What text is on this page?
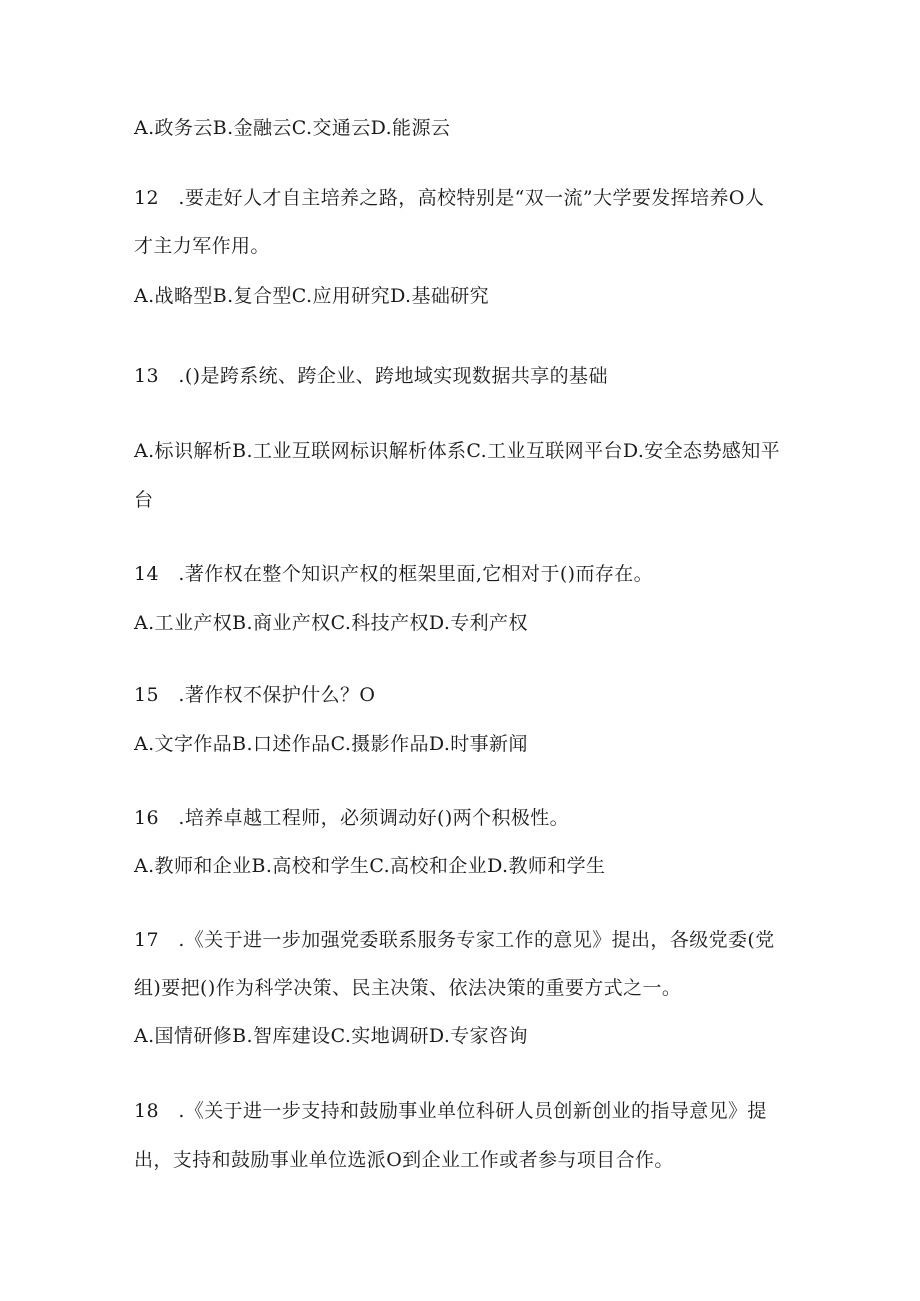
A.政务云B.金融云C.交通云D.能源云
12　.要走好人才自主培养之路，高校特别是“双一流”大学要发挥培养O人
才主力军作用。
A.战略型B.复合型C.应用研究D.基础研究
13　.()是跨系统、跨企业、跨地域实现数据共享的基础
A.标识解析B.工业互联网标识解析体系C.工业互联网平台D.安全态势感知平
台
14　.著作权在整个知识产权的框架里面,它相对于()而存在。
A.工业产权B.商业产权C.科技产权D.专利产权
15　.著作权不保护什么？O
A.文字作品B.口述作品C.摄影作品D.时事新闻
16　.培养卓越工程师，必须调动好()两个积极性。
A.教师和企业B.高校和学生C.高校和企业D.教师和学生
17　.《关于进一步加强党委联系服务专家工作的意见》提出，各级党委(党
组)要把()作为科学决策、民主决策、依法决策的重要方式之一。
A.国情研修B.智库建设C.实地调研D.专家咨询
18　.《关于进一步支持和鼓励事业单位科研人员创新创业的指导意见》提
出，支持和鼓励事业单位选派O到企业工作或者参与项目合作。
